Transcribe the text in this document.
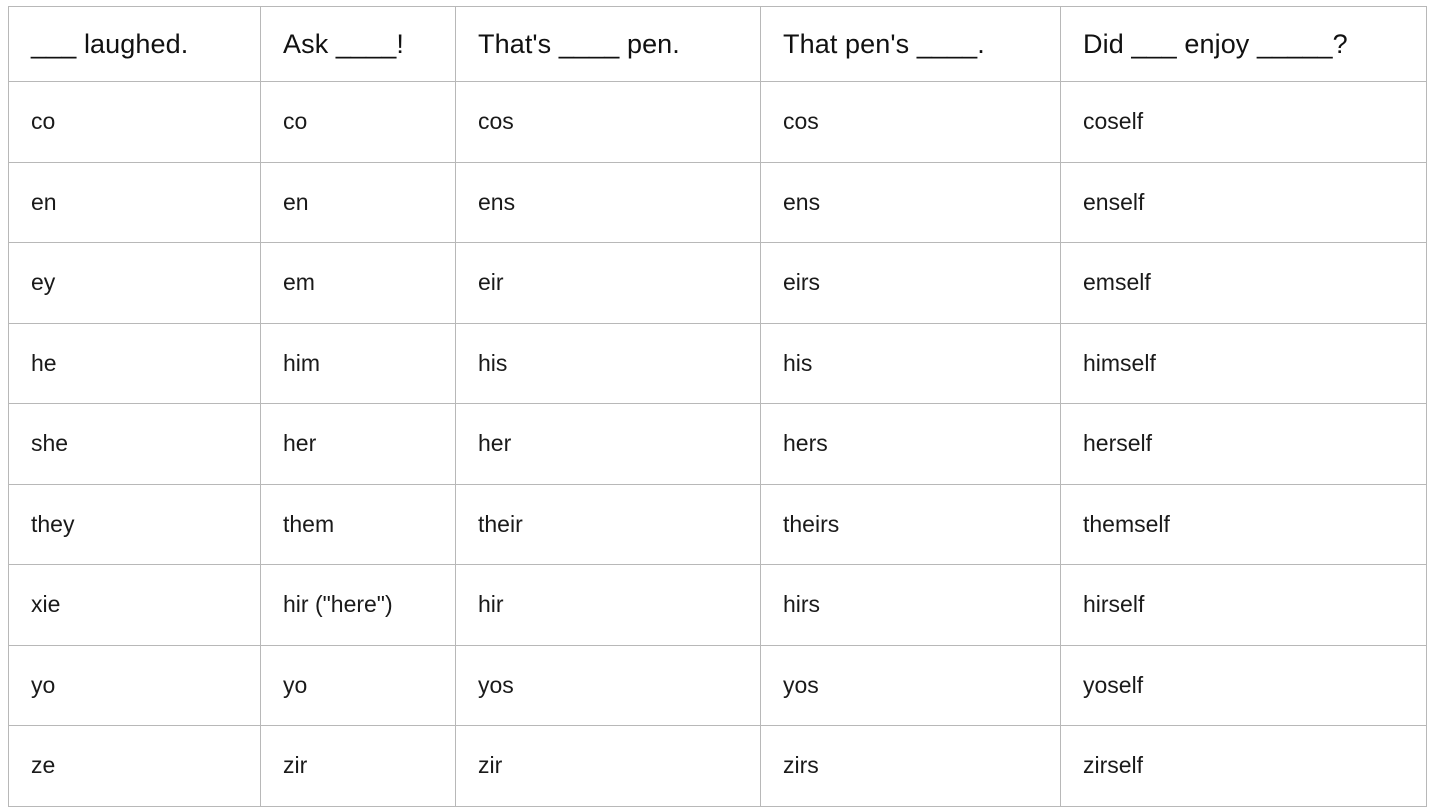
___ laughed.	Ask ____!	That's ____ pen.	That pen's ____.	Did ___ enjoy _____?
co	co	cos	cos	coself
en	en	ens	ens	enself
ey	em	eir	eirs	emself
he	him	his	his	himself
she	her	her	hers	herself
they	them	their	theirs	themself
xie	hir ("here")	hir	hirs	hirself
yo	yo	yos	yos	yoself
ze	zir	zir	zirs	zirself
